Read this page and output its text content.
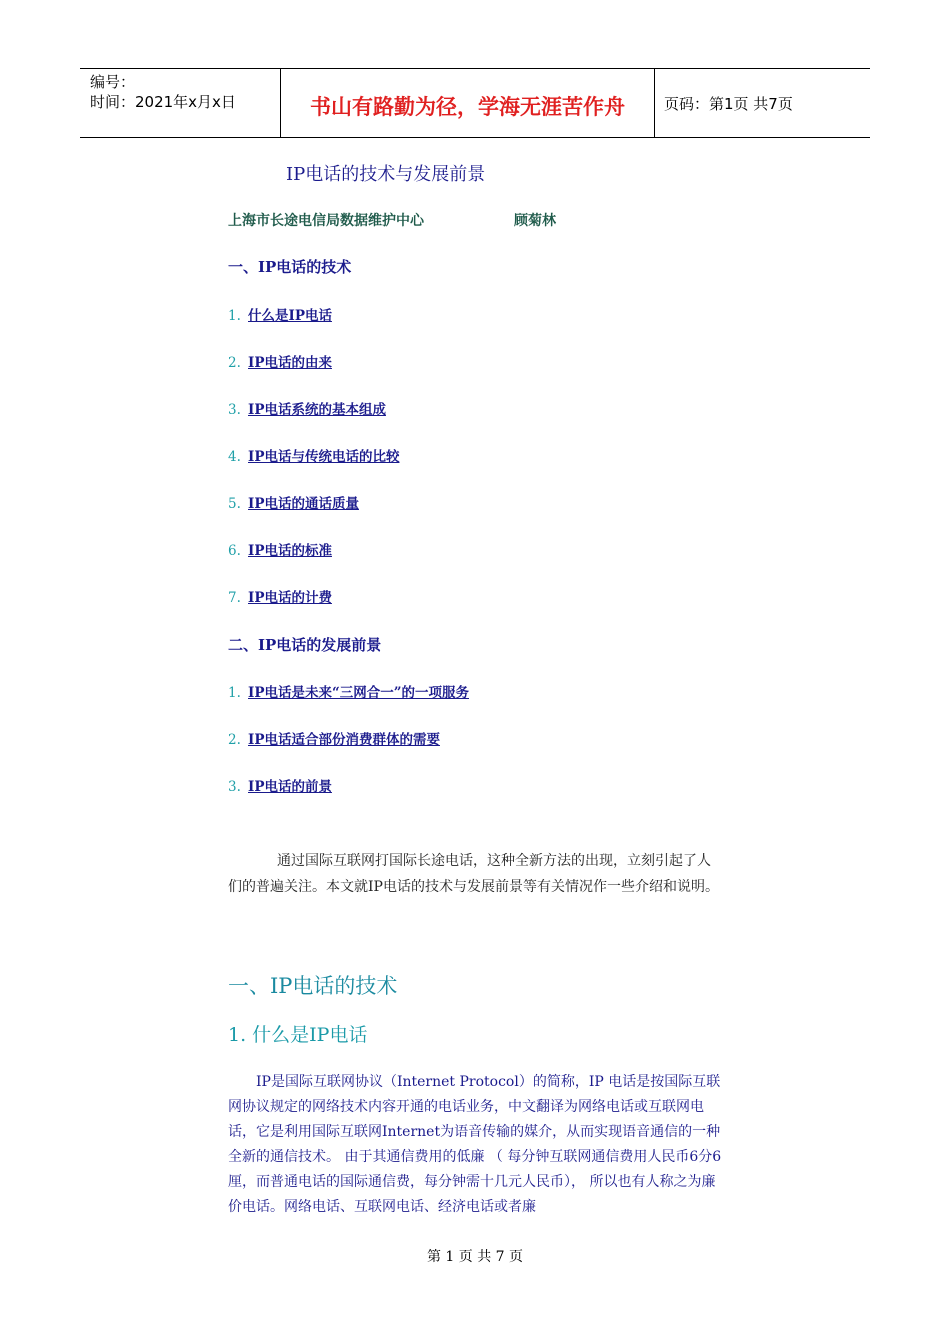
编号：
时间：2021年x月x日	书山有路勤为径，学海无涯苦作舟	页码：第1页 共7页
IP电话的技术与发展前景
上海市长途电信局数据维护中心	顾菊林
一、IP电话的技术
1. 什么是IP电话
2. IP电话的由来
3. IP电话系统的基本组成
4. IP电话与传统电话的比较
5. IP电话的通话质量
6. IP电话的标准
7. IP电话的计费
二、IP电话的发展前景
1. IP电话是未来“三网合一”的一项服务
2. IP电话适合部份消费群体的需要
3. IP电话的前景
通过国际互联网打国际长途电话，这种全新方法的出现，立刻引起了人们的普遍关注。本文就IP电话的技术与发展前景等有关情况作一些介绍和说明。
一、IP电话的技术
1. 什么是IP电话
IP是国际互联网协议（Internet Protocol）的简称，IP 电话是按国际互联网协议规定的网络技术内容开通的电话业务，中文翻译为网络电话或互联网电话，它是利用国际互联网Internet为语音传输的媒介，从而实现语音通信的一种全新的通信技术。 由于其通信费用的低廉 （ 每分钟互联网通信费用人民币6分6厘，而普通电话的国际通信费，每分钟需十几元人民币）， 所以也有人称之为廉价电话。网络电话、互联网电话、经济电话或者廉
第 1 页 共 7 页
